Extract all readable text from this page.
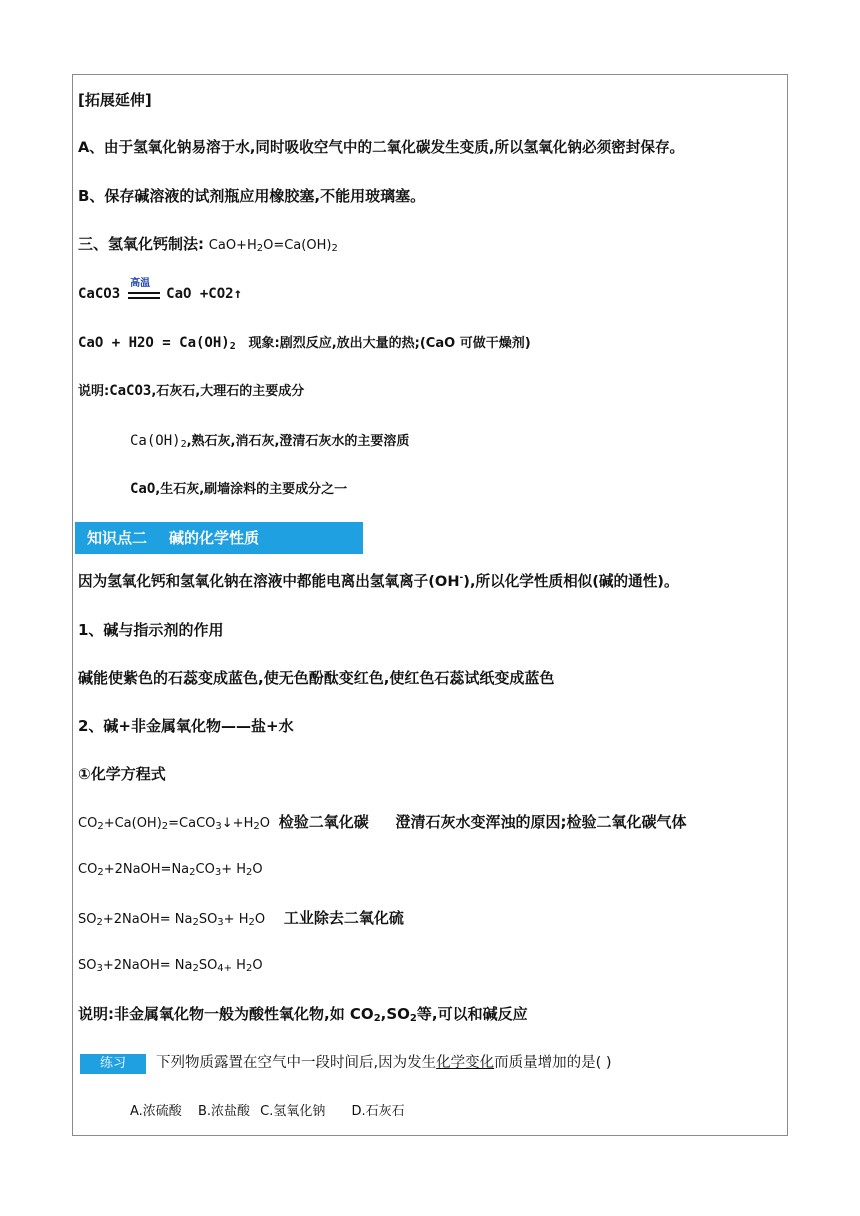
[拓展延伸]
A、由于氢氧化钠易溶于水,同时吸收空气中的二氧化碳发生变质,所以氢氧化钠必须密封保存。
B、保存碱溶液的试剂瓶应用橡胶塞,不能用玻璃塞。
三、氢氧化钙制法: $CaO+H_2O=Ca(OH)_2$
CaCO3
高温
CaO +CO2↑
CaO + $H2O = Ca(OH)_2$ 现象:剧烈反应,放出大量的热;(CaO 可做干燥剂)
说明:CaCO3,石灰石,大理石的主要成分
$Ca(OH)_2$,熟石灰,消石灰,澄清石灰水的主要溶质
CaO,生石灰,刷墙涂料的主要成分之一
知识点二 碱的化学性质
因为氢氧化钙和氢氧化钠在溶液中都能电离出氢氧离子(OH-),所以化学性质相似(碱的通性)。
1、碱与指示剂的作用
碱能使紫色的石蕊变成蓝色,使无色酚酞变红色,使红色石蕊试纸变成蓝色
2、碱+非金属氧化物——盐+水
①化学方程式
$CO_2+Ca(OH)_2=CaCO_3↓+H_2O$ 检验二氧化碳 澄清石灰水变浑浊的原因;检验二氧化碳气体
$CO_2+2NaOH=Na_2CO_3+ H_2O$
$SO_2+2NaOH= Na_2SO_3+ H_2O$ 工业除去二氧化硫
$SO_3+2NaOH= Na_2SO_{4+}$ $H_2O$
说明:非金属氧化物一般为酸性氧化物,如 $CO_2,SO_2$等,可以和碱反应
练习	下列物质露置在空气中一段时间后,因为发生化学变化而质量增加的是( )
A.浓硫酸 B.浓盐酸 C.氢氧化钠 D.石灰石
